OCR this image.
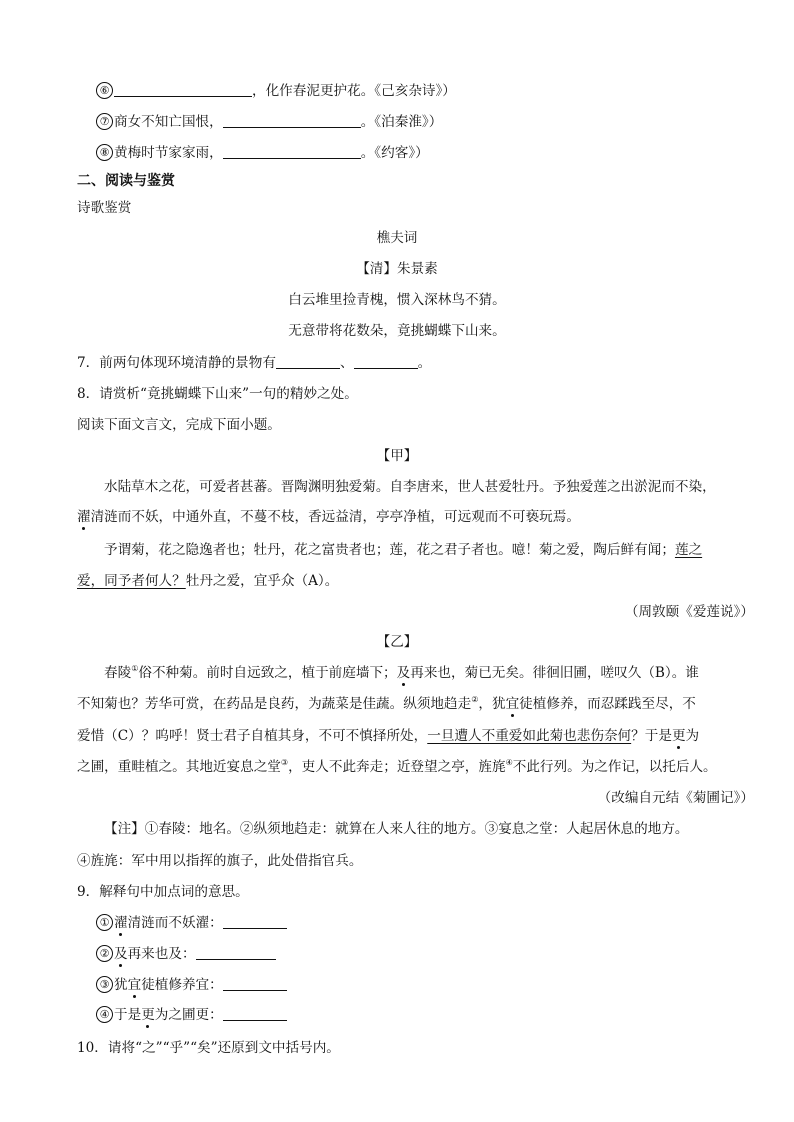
⑥	，化作春泥更护花。《己亥杂诗》）
⑦ 商女不知亡国恨，	。《泊秦淮》）
⑧ 黄梅时节家家雨，	。《约客》）
二、阅读与鉴赏
诗歌鉴赏
樵夫词
【清】朱景素
白云堆里捡青槐，惯入深林鸟不猜。
无意带将花数朵，竟挑蝴蝶下山来。
7．前两句体现环境清静的景物有	、	。
8．请赏析“竟挑蝴蝶下山来”一句的精妙之处。
阅读下面文言文，完成下面小题。
【甲】
水陆草木之花，可爱者甚蕃。晋陶渊明独爱菊。自李唐来，世人甚爱牡丹。予独爱莲之出淤泥而不染，
濯清涟而不妖，中通外直，不蔓不枝，香远益清，亭亭净植，可远观而不可亵玩焉。
予谓菊，花之隐逸者也；牡丹，花之富贵者也；莲，花之君子者也。噫！菊之爱，陶后鲜有闻；莲之
爱，同予者何人？牡丹之爱，宜乎众（A）。
（周敦颐《爱莲说》）
【乙】
春陵①俗不种菊。前时自远致之，植于前庭墙下；及再来也，菊已无矣。徘徊旧圃，嗟叹久（B）。谁
不知菊也？芳华可赏，在药品是良药，为蔬菜是佳蔬。纵须地趋走②，犹宜徒植修养，而忍蹂践至尽，不
爱惜（C）？呜呼！贤士君子自植其身，不可不慎择所处，一旦遭人不重爱如此菊也悲伤奈何？于是更为
之圃，重畦植之。其地近宴息之堂③，吏人不此奔走；近登望之亭，旌旄④不此行列。为之作记，以托后人。
（改编自元结《菊圃记》）
【注】①春陵：地名。②纵须地趋走：就算在人来人往的地方。③宴息之堂：人起居休息的地方。
④旌旄：军中用以指挥的旗子，此处借指官兵。
9．解释句中加点词的意思。
① 濯清涟而不妖濯：
② 及再来也及：
③ 犹宜徒植修养宜：
④ 于是更为之圃更：
10．请将“之”“乎”“矣”还原到文中括号内。
